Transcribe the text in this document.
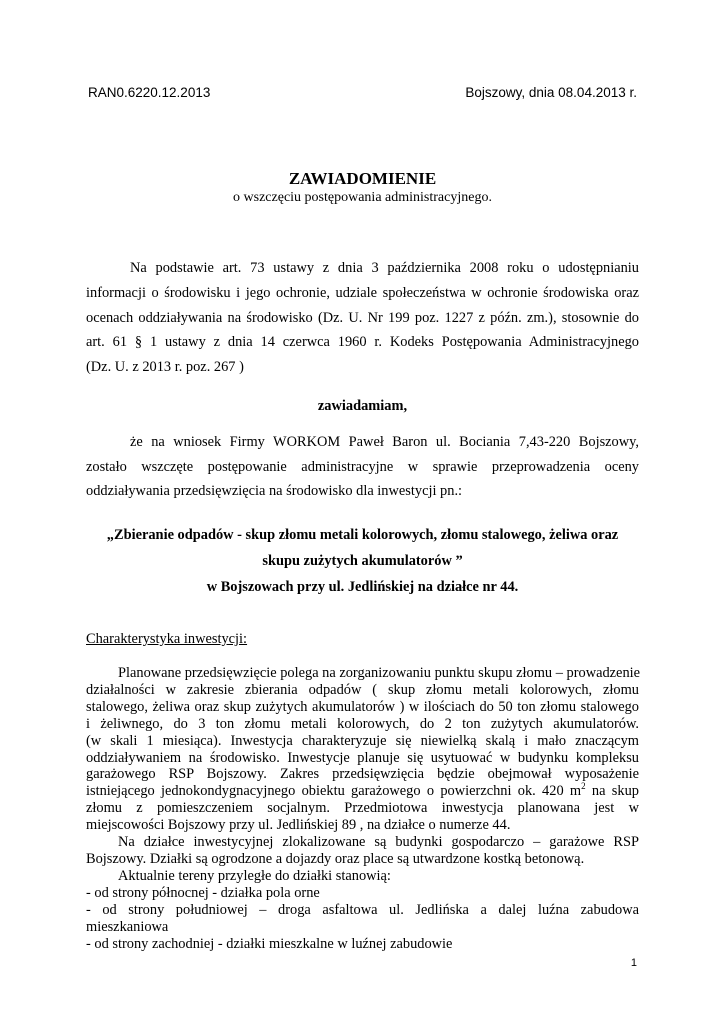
RAN0.6220.12.2013	Bojszowy, dnia 08.04.2013 r.
ZAWIADOMIENIE
o wszczęciu postępowania administracyjnego.
Na podstawie art. 73 ustawy z dnia 3 października 2008 roku o udostępnianiu
informacji o środowisku i jego ochronie, udziale społeczeństwa w ochronie środowiska oraz
ocenach oddziaływania na środowisko (Dz. U. Nr 199 poz. 1227 z późn. zm.), stosownie do
art. 61 § 1 ustawy z dnia 14 czerwca 1960 r. Kodeks Postępowania Administracyjnego
(Dz. U. z 2013 r. poz. 267 )
zawiadamiam,
że na wniosek Firmy WORKOM Paweł Baron ul. Bociania 7,43-220 Bojszowy,
zostało wszczęte postępowanie administracyjne w sprawie przeprowadzenia oceny
oddziaływania przedsięwzięcia na środowisko dla inwestycji pn.:
„Zbieranie odpadów - skup złomu metali kolorowych, złomu stalowego, żeliwa oraz
skupu zużytych akumulatorów ”
w Bojszowach przy ul. Jedlińskiej na działce nr 44.
Charakterystyka inwestycji:
Planowane przedsięwzięcie polega na zorganizowaniu punktu skupu złomu – prowadzenie
działalności w zakresie zbierania odpadów ( skup złomu metali kolorowych, złomu
stalowego, żeliwa oraz skup zużytych akumulatorów ) w ilościach do 50 ton złomu stalowego
i żeliwnego, do 3 ton złomu metali kolorowych, do 2 ton zużytych akumulatorów.
(w skali 1 miesiąca). Inwestycja charakteryzuje się niewielką skalą i mało znaczącym
oddziaływaniem na środowisko. Inwestycje planuje się usytuować w budynku kompleksu
garażowego RSP Bojszowy. Zakres przedsięwzięcia będzie obejmował wyposażenie
istniejącego jednokondygnacyjnego obiektu garażowego o powierzchni ok. 420 $m^2$ na skup
złomu z pomieszczeniem socjalnym. Przedmiotowa inwestycja planowana jest w
miejscowości Bojszowy przy ul. Jedlińskiej 89 , na działce o numerze 44.
Na działce inwestycyjnej zlokalizowane są budynki gospodarczo – garażowe RSP
Bojszowy. Działki są ogrodzone a dojazdy oraz place są utwardzone kostką betonową.
Aktualnie tereny przyległe do działki stanowią:
- od strony północnej - działka pola orne
- od strony południowej – droga asfaltowa ul. Jedlińska a dalej luźna zabudowa
mieszkaniowa
- od strony zachodniej - działki mieszkalne w luźnej zabudowie
1
